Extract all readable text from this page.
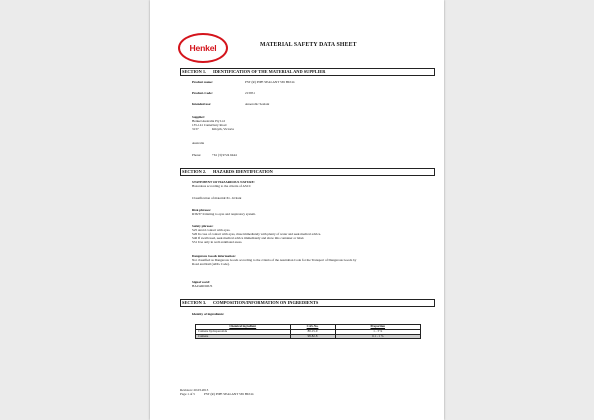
Henkel	MATERIAL SAFETY DATA SHEET
SECTION 1. IDENTIFICATION OF THE MATERIAL AND SUPPLIER
Product name:	PST (R) PIPE SEALANT 565 BULK
Product-Code:	213951
Intended use:	Anaerobic Sealant
Supplier:
Henkel Australia Pty Ltd
135-141 Canterbury Road
3137	Kilsyth, Victoria
Australia
Phone:	+61 (3) 9724 6444
SECTION 2. HAZARDS IDENTIFICATION
STATEMENT OF HAZARDOUS NATURE:
Hazardous according to the criteria of ASCC
Classification of material:Xi - Irritant
Risk phrases:
R36/37 Irritating to eyes and respiratory system.
Safety phrases:
S25 Avoid contact with eyes.
S26 In case of contact with eyes, rinse immediately with plenty of water and seek medical advice.
S46 If swallowed, seek medical advice immediately and show this container or label.
S51 Use only in well-ventilated areas.
Dangerous Goods information:
Not classified as Dangerous Goods according to the criteria of the Australian Code for the Transport of Dangerous Goods by
Road and Rail (ADG Code).
Signal word:
HAZARDOUS
SECTION 3. COMPOSITION/INFORMATION ON INGREDIENTS
Identity of ingredients:
Chemical ingredient	CAS-No.	Proportion
Cumene hydroperoxide	80-15-9	1 - 3 %
Cumene	98-82-8	0.1 - 1 %
Revision: 20.03.2013
Page 1 of 5	PST (R) PIPE SEALANT 565 BULK
